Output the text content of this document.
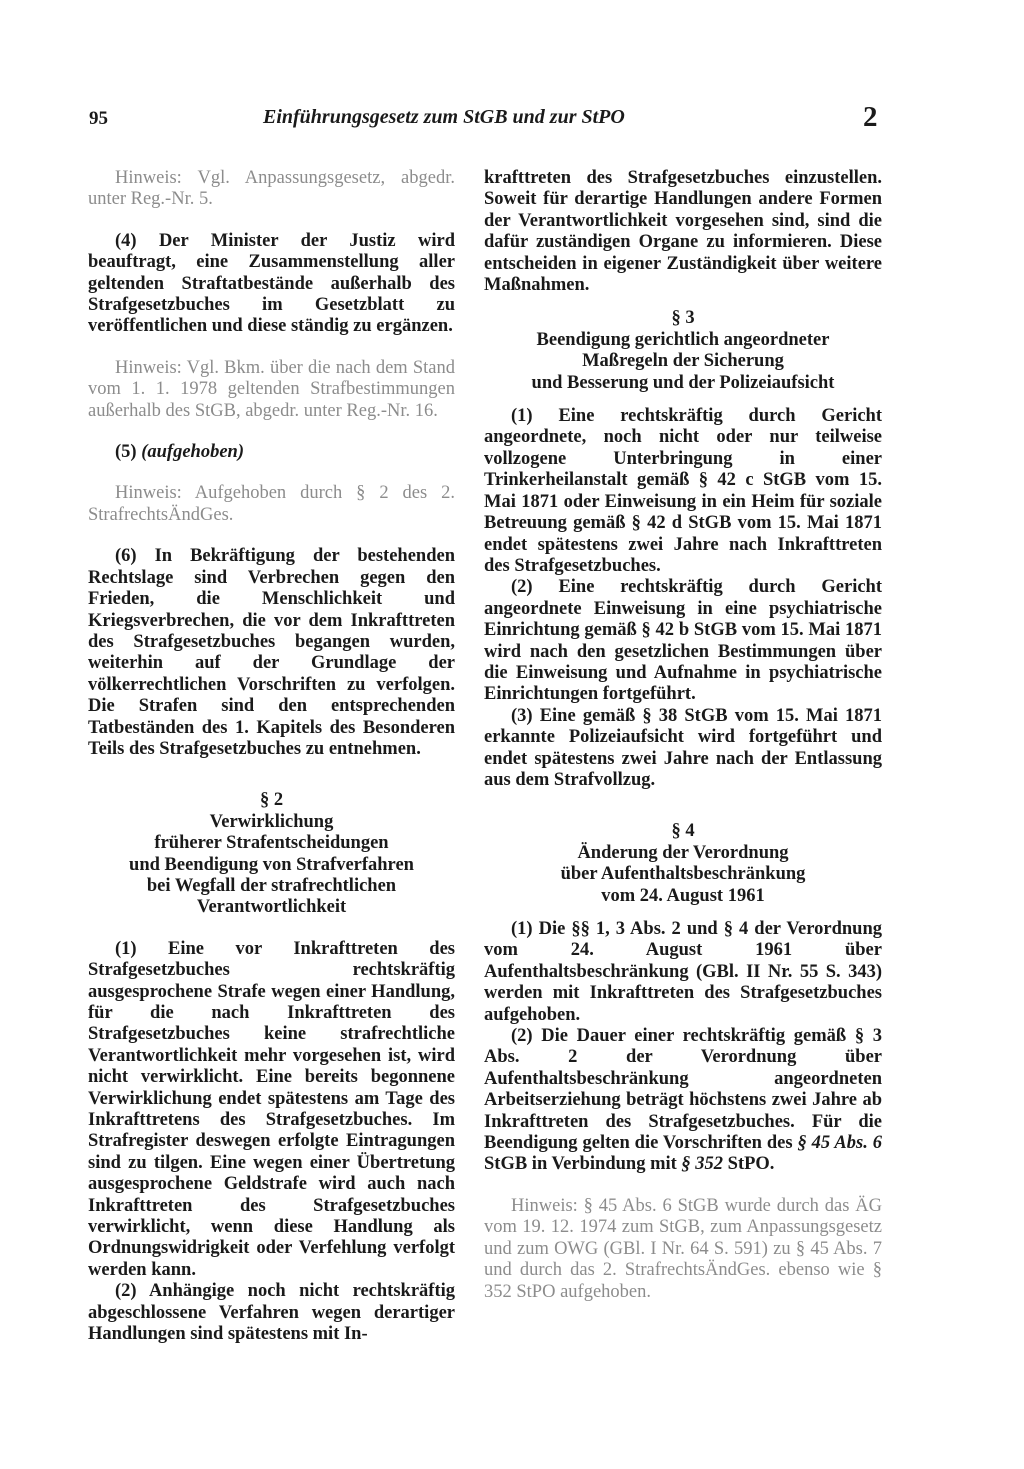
95	Einführungsgesetz zum StGB und zur StPO	2

Hinweis: Vgl. Anpassungsgesetz, abgedr. unter Reg.-Nr. 5.

(4) Der Minister der Justiz wird beauftragt, eine Zusammenstellung aller geltenden Straftatbestände außerhalb des Strafgesetzbuches im Gesetzblatt zu veröffentlichen und diese ständig zu ergänzen.

Hinweis: Vgl. Bkm. über die nach dem Stand vom 1. 1. 1978 geltenden Strafbestimmungen außerhalb des StGB, abgedr. unter Reg.-Nr. 16.

(5) (aufgehoben)

Hinweis: Aufgehoben durch § 2 des 2. StrafrechtsÄndGes.

(6) In Bekräftigung der bestehenden Rechtslage sind Verbrechen gegen den Frieden, die Menschlichkeit und Kriegsverbrechen, die vor dem Inkrafttreten des Strafgesetzbuches begangen wurden, weiterhin auf der Grundlage der völkerrechtlichen Vorschriften zu verfolgen. Die Strafen sind den entsprechenden Tatbeständen des 1. Kapitels des Besonderen Teils des Strafgesetzbuches zu entnehmen.

§ 2

Verwirklichung

früherer Strafentscheidungen

und Beendigung von Strafverfahren

bei Wegfall der strafrechtlichen

Verantwortlichkeit

(1) Eine vor Inkrafttreten des Strafgesetzbuches rechtskräftig ausgesprochene Strafe wegen einer Handlung, für die nach Inkrafttreten des Strafgesetzbuches keine strafrechtliche Verantwortlichkeit mehr vorgesehen ist, wird nicht verwirklicht. Eine bereits begonnene Verwirklichung endet spätestens am Tage des Inkrafttretens des Strafgesetzbuches. Im Strafregister deswegen erfolgte Eintragungen sind zu tilgen. Eine wegen einer Übertretung ausgesprochene Geldstrafe wird auch nach Inkrafttreten des Strafgesetzbuches verwirklicht, wenn diese Handlung als Ordnungswidrigkeit oder Verfehlung verfolgt werden kann.

(2) Anhängige noch nicht rechtskräftig abgeschlossene Verfahren wegen derartiger Handlungen sind spätestens mit In-

krafttreten des Strafgesetzbuches einzustellen. Soweit für derartige Handlungen andere Formen der Verantwortlichkeit vorgesehen sind, sind die dafür zuständigen Organe zu informieren. Diese entscheiden in eigener Zuständigkeit über weitere Maßnahmen.

§ 3

Beendigung gerichtlich angeordneter

Maßregeln der Sicherung

und Besserung und der Polizeiaufsicht

(1) Eine rechtskräftig durch Gericht angeordnete, noch nicht oder nur teilweise vollzogene Unterbringung in einer Trinkerheilanstalt gemäß § 42 c StGB vom 15. Mai 1871 oder Einweisung in ein Heim für soziale Betreuung gemäß § 42 d StGB vom 15. Mai 1871 endet spätestens zwei Jahre nach Inkrafttreten des Strafgesetzbuches.

(2) Eine rechtskräftig durch Gericht angeordnete Einweisung in eine psychiatrische Einrichtung gemäß § 42 b StGB vom 15. Mai 1871 wird nach den gesetzlichen Bestimmungen über die Einweisung und Aufnahme in psychiatrische Einrichtungen fortgeführt.

(3) Eine gemäß § 38 StGB vom 15. Mai 1871 erkannte Polizeiaufsicht wird fortgeführt und endet spätestens zwei Jahre nach der Entlassung aus dem Strafvollzug.

§ 4

Änderung der Verordnung

über Aufenthaltsbeschränkung

vom 24. August 1961

(1) Die §§ 1, 3 Abs. 2 und § 4 der Verordnung vom 24. August 1961 über Aufenthaltsbeschränkung (GBl. II Nr. 55 S. 343) werden mit Inkrafttreten des Strafgesetzbuches aufgehoben.

(2) Die Dauer einer rechtskräftig gemäß § 3 Abs. 2 der Verordnung über Aufenthaltsbeschränkung angeordneten Arbeitserziehung beträgt höchstens zwei Jahre ab Inkrafttreten des Strafgesetzbuches. Für die Beendigung gelten die Vorschriften des § 45 Abs. 6 StGB in Verbindung mit § 352 StPO.

Hinweis: § 45 Abs. 6 StGB wurde durch das ÄG vom 19. 12. 1974 zum StGB, zum Anpassungsgesetz und zum OWG (GBl. I Nr. 64 S. 591) zu § 45 Abs. 7 und durch das 2. StrafrechtsÄndGes. ebenso wie § 352 StPO aufgehoben.
